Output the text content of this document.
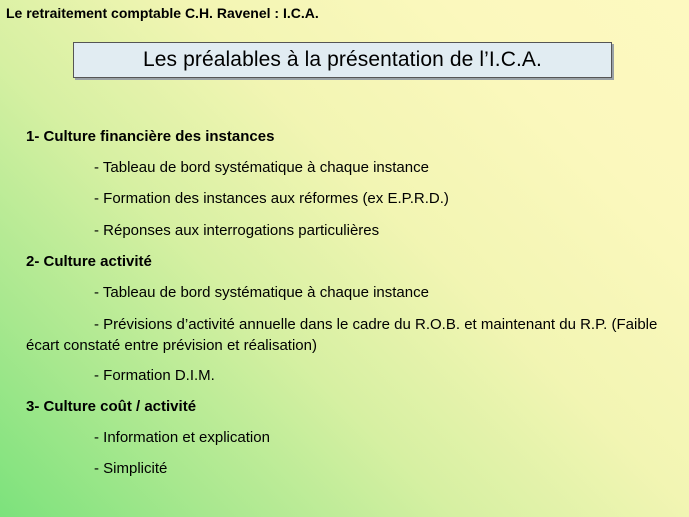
Le retraitement comptable C.H. Ravenel : I.C.A.
Les préalables à la présentation de l’I.C.A.
1- Culture financière des instances
- Tableau de bord systématique à chaque instance
- Formation des instances aux réformes (ex E.P.R.D.)
- Réponses aux interrogations particulières
2- Culture activité
- Tableau de bord systématique à chaque instance
- Prévisions d’activité annuelle dans le cadre du R.O.B. et maintenant du R.P. (Faible écart constaté entre prévision et réalisation)
- Formation D.I.M.
3- Culture coût / activité
- Information et explication
- Simplicité
